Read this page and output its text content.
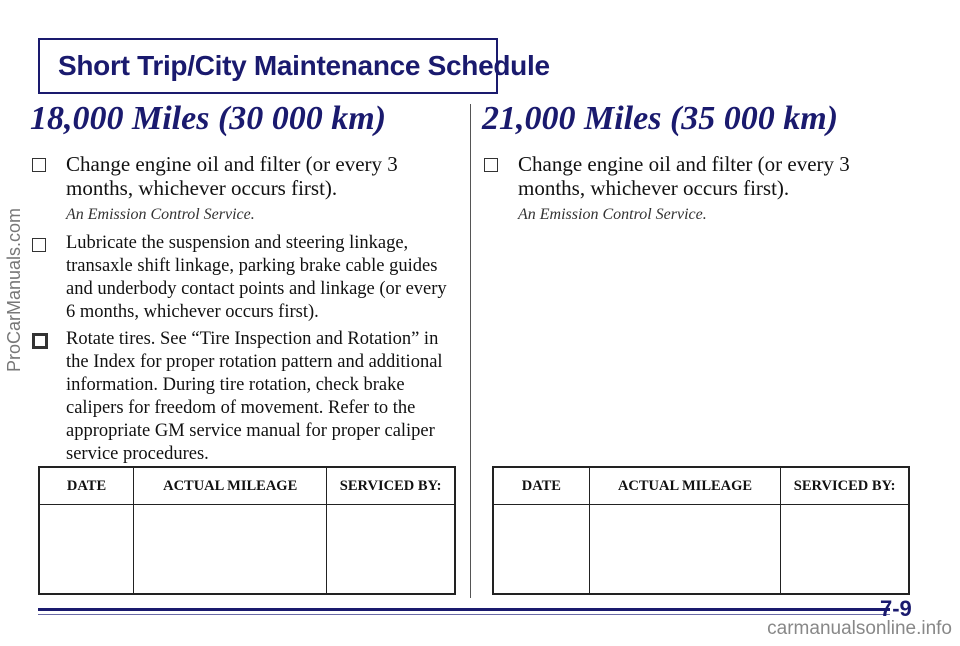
Short Trip/City Maintenance Schedule
18,000 Miles (30 000 km)
Change engine oil and filter (or every 3 months, whichever occurs first).
An Emission Control Service.
Lubricate the suspension and steering linkage, transaxle shift linkage, parking brake cable guides and underbody contact points and linkage (or every 6 months, whichever occurs first).
Rotate tires. See “Tire Inspection and Rotation” in the Index for proper rotation pattern and additional information. During tire rotation, check brake calipers for freedom of movement. Refer to the appropriate GM service manual for proper caliper service procedures.
DATE	ACTUAL MILEAGE	SERVICED BY:

21,000 Miles (35 000 km)
Change engine oil and filter (or every 3 months, whichever occurs first).
An Emission Control Service.
DATE	ACTUAL MILEAGE	SERVICED BY:

7-9
ProCarManuals.com
carmanualsonline.info
